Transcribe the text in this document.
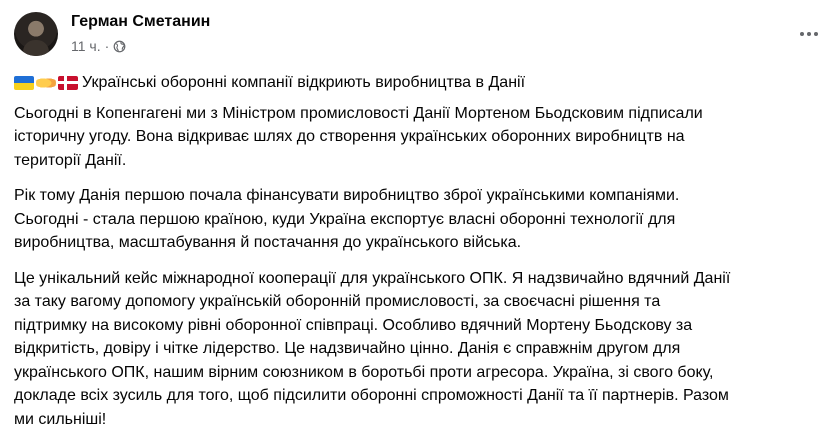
Герман Сметанин
11 ч. ·
Українські оборонні компанії відкриють виробництва в Данії

Сьогодні в Копенгагені ми з Міністром промисловості Данії Мортеном Бьодсковим підписали
історичну угоду. Вона відкриває шлях до створення українських оборонних виробництв на
території Данії.

Рік тому Данія першою почала фінансувати виробництво зброї українськими компаніями.
Сьогодні - стала першою країною, куди Україна експортує власні оборонні технології для
виробництва, масштабування й постачання до українського війська.

Це унікальний кейс міжнародної кооперації для українського ОПК. Я надзвичайно вдячний Данії
за таку вагому допомогу українській оборонній промисловості, за своєчасні рішення та
підтримку на високому рівні оборонної співпраці. Особливо вдячний Мортену Бьодскову за
відкритість, довіру і чітке лідерство. Це надзвичайно цінно. Данія є справжнім другом для
українського ОПК, нашим вірним союзником в боротьбі проти агресора. Україна, зі свого боку,
докладе всіх зусиль для того, щоб підсилити оборонні спроможності Данії та її партнерів. Разом
ми сильніші!
